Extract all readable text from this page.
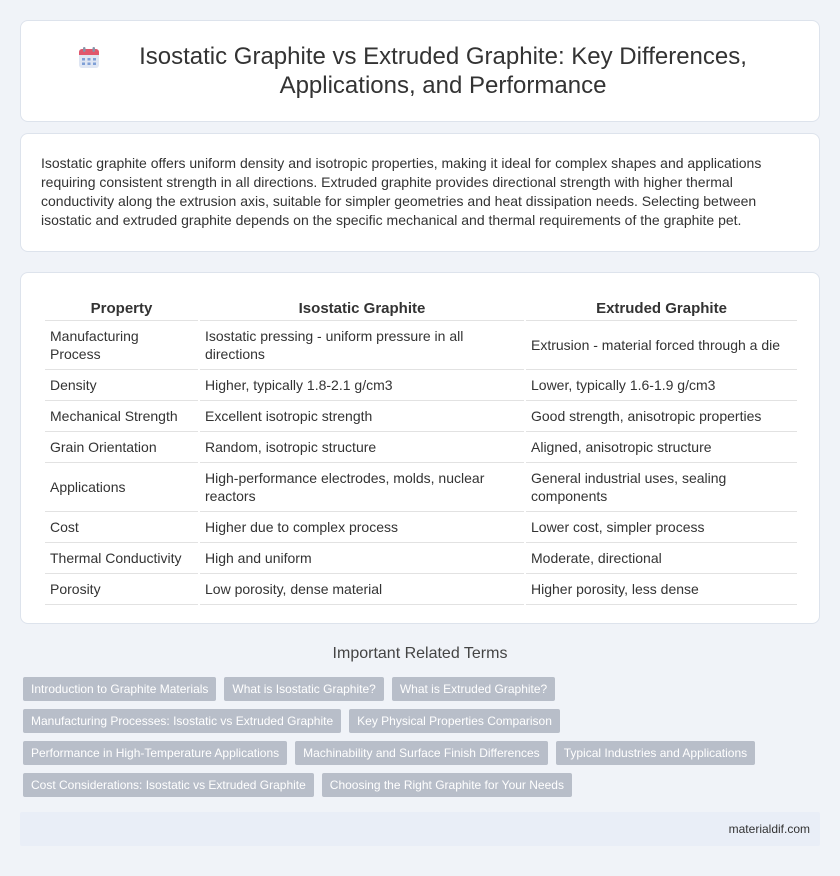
Isostatic Graphite vs Extruded Graphite: Key Differences, Applications, and Performance

Isostatic graphite offers uniform density and isotropic properties, making it ideal for complex shapes and applications requiring consistent strength in all directions. Extruded graphite provides directional strength with higher thermal conductivity along the extrusion axis, suitable for simpler geometries and heat dissipation needs. Selecting between isostatic and extruded graphite depends on the specific mechanical and thermal requirements of the graphite pet.

Property	Isostatic Graphite	Extruded Graphite
Manufacturing Process	Isostatic pressing - uniform pressure in all directions	Extrusion - material forced through a die
Density	Higher, typically 1.8-2.1 g/cm3	Lower, typically 1.6-1.9 g/cm3
Mechanical Strength	Excellent isotropic strength	Good strength, anisotropic properties
Grain Orientation	Random, isotropic structure	Aligned, anisotropic structure
Applications	High-performance electrodes, molds, nuclear reactors	General industrial uses, sealing components
Cost	Higher due to complex process	Lower cost, simpler process
Thermal Conductivity	High and uniform	Moderate, directional
Porosity	Low porosity, dense material	Higher porosity, less dense
Important Related Terms
Introduction to Graphite Materials	What is Isostatic Graphite?	What is Extruded Graphite?
Manufacturing Processes: Isostatic vs Extruded Graphite	Key Physical Properties Comparison
Performance in High-Temperature Applications	Machinability and Surface Finish Differences	Typical Industries and Applications
Cost Considerations: Isostatic vs Extruded Graphite	Choosing the Right Graphite for Your Needs
materialdif.com
